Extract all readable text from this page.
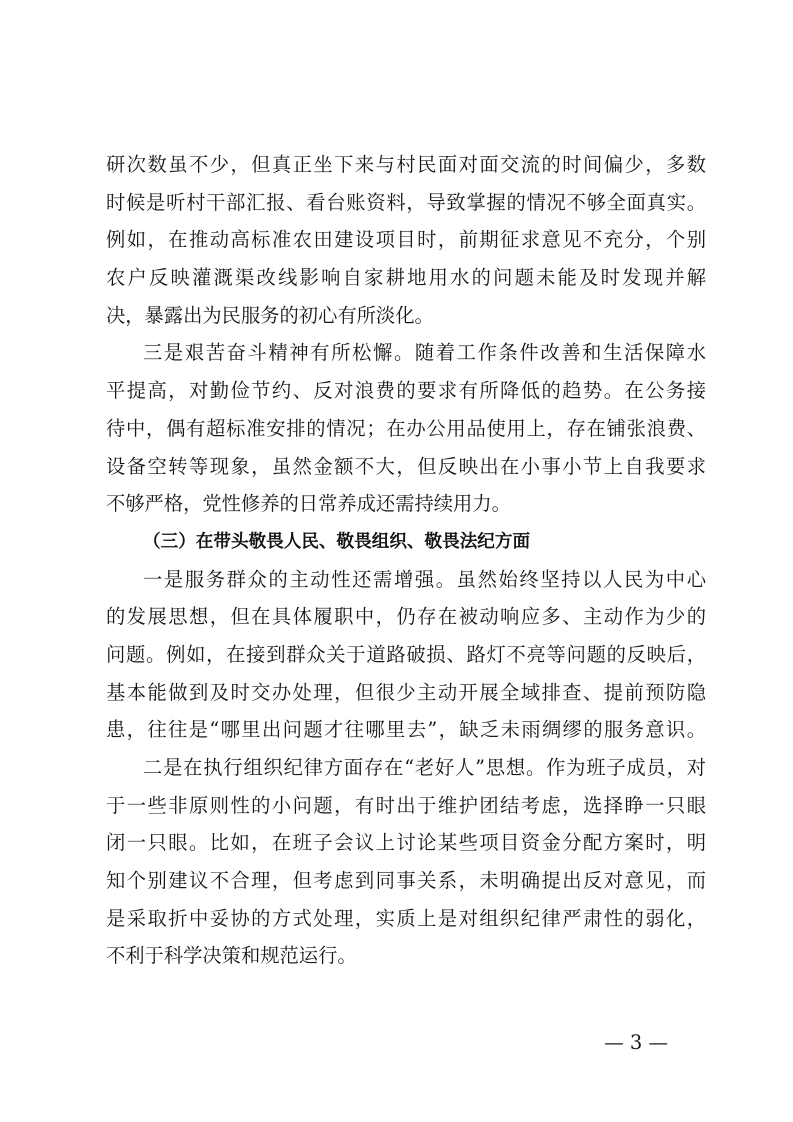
研次数虽不少，但真正坐下来与村民面对面交流的时间偏少，多数
时候是听村干部汇报、看台账资料，导致掌握的情况不够全面真实。
例如，在推动高标准农田建设项目时，前期征求意见不充分，个别
农户反映灌溉渠改线影响自家耕地用水的问题未能及时发现并解
决，暴露出为民服务的初心有所淡化。
三是艰苦奋斗精神有所松懈。随着工作条件改善和生活保障水
平提高，对勤俭节约、反对浪费的要求有所降低的趋势。在公务接
待中，偶有超标准安排的情况；在办公用品使用上，存在铺张浪费、
设备空转等现象，虽然金额不大，但反映出在小事小节上自我要求
不够严格，党性修养的日常养成还需持续用力。
（三）在带头敬畏人民、敬畏组织、敬畏法纪方面
一是服务群众的主动性还需增强。虽然始终坚持以人民为中心
的发展思想，但在具体履职中，仍存在被动响应多、主动作为少的
问题。例如，在接到群众关于道路破损、路灯不亮等问题的反映后，
基本能做到及时交办处理，但很少主动开展全域排查、提前预防隐
患，往往是“哪里出问题才往哪里去”，缺乏未雨绸缪的服务意识。
二是在执行组织纪律方面存在“老好人”思想。作为班子成员，对
于一些非原则性的小问题，有时出于维护团结考虑，选择睁一只眼
闭一只眼。比如，在班子会议上讨论某些项目资金分配方案时，明
知个别建议不合理，但考虑到同事关系，未明确提出反对意见，而
是采取折中妥协的方式处理，实质上是对组织纪律严肃性的弱化，
不利于科学决策和规范运行。
— 3 —
